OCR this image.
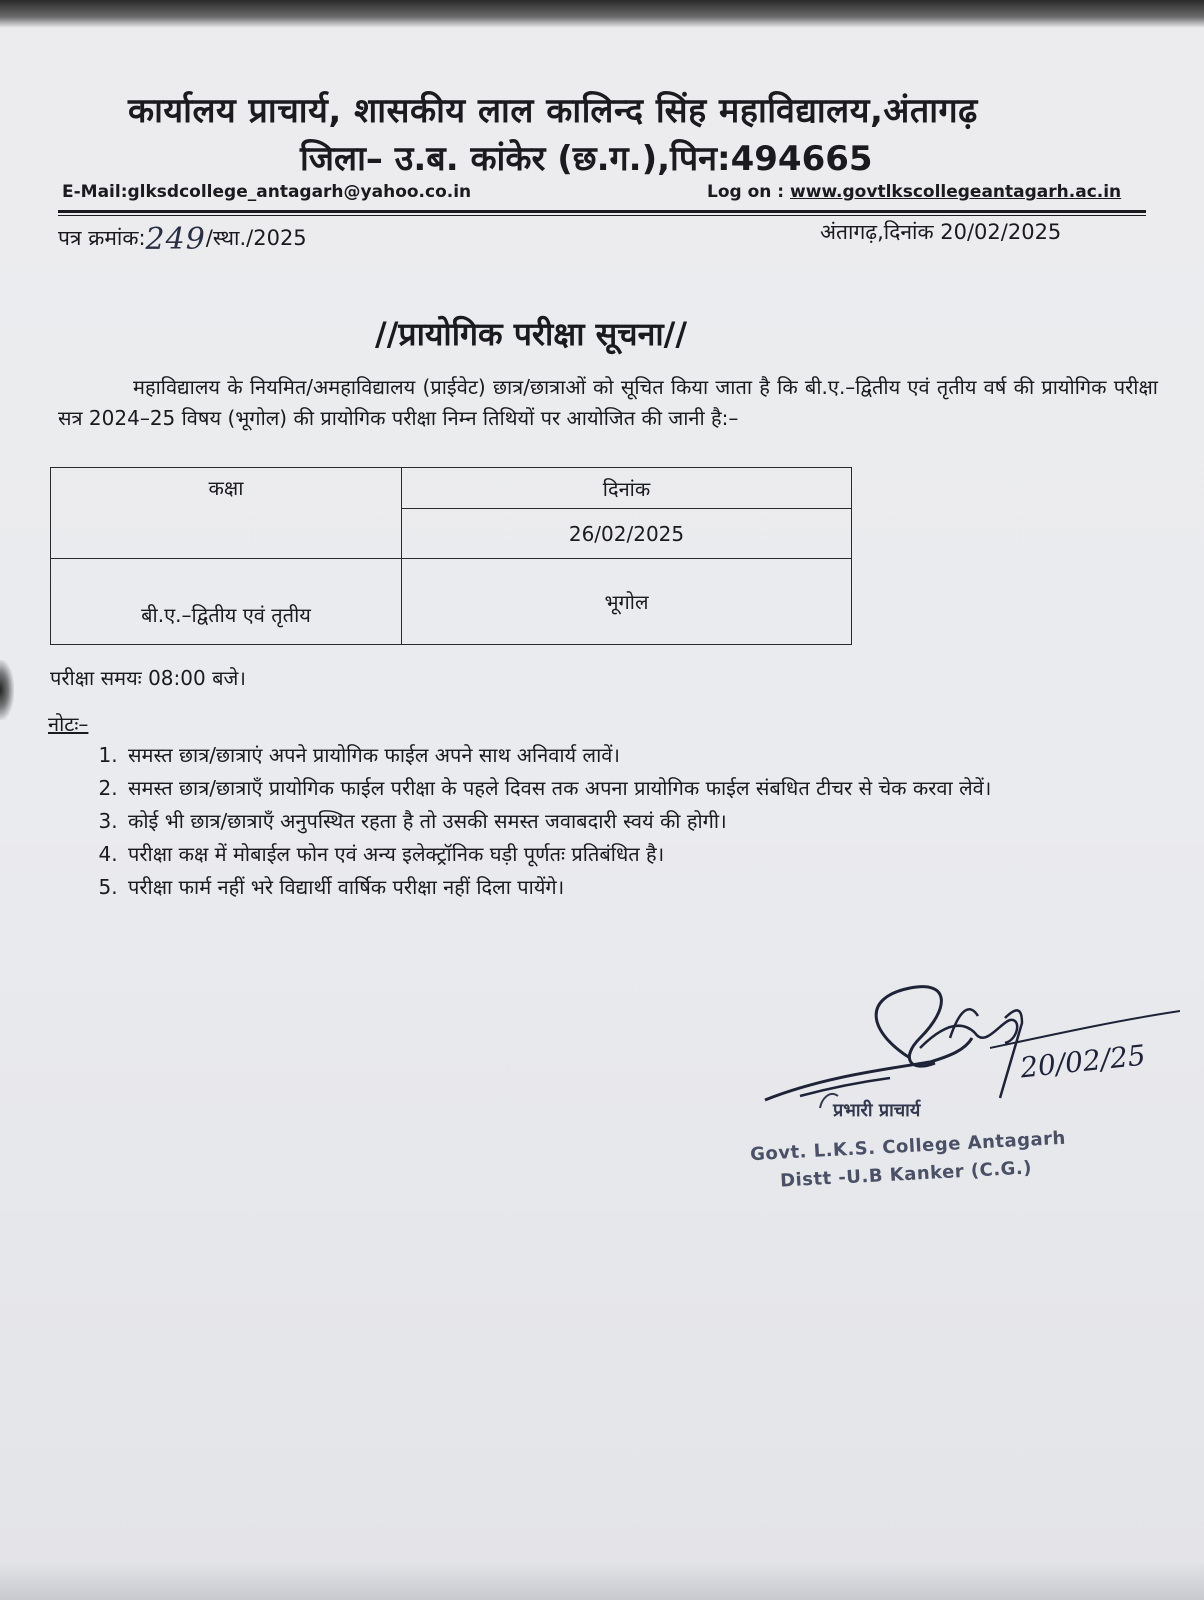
कार्यालय प्राचार्य, शासकीय लाल कालिन्द सिंह महाविद्यालय,अंतागढ़
जिला– उ.ब. कांकेर (छ.ग.),पिन:494665
E-Mail:glksdcollege_antagarh@yahoo.co.in	Log on : www.govtlkscollegeantagarh.ac.in
पत्र क्रमांक:249/स्था./2025	अंतागढ़,दिनांक 20/02/2025
//प्रायोगिक परीक्षा सूचना//
महाविद्यालय के नियमित/अमहाविद्यालय (प्राईवेट) छात्र/छात्राओं को सूचित किया जाता है कि बी.ए.–द्वितीय एवं तृतीय वर्ष की प्रायोगिक परीक्षा सत्र 2024–25 विषय (भूगोल) की प्रायोगिक परीक्षा निम्न तिथियों पर आयोजित की जानी है:–
कक्षा	दिनांक
	26/02/2025
बी.ए.–द्वितीय एवं तृतीय	भूगोल
परीक्षा समयः 08:00 बजे।
नोटः–
1. समस्त छात्र/छात्राएं अपने प्रायोगिक फाईल अपने साथ अनिवार्य लावें।
2. समस्त छात्र/छात्राएँ प्रायोगिक फाईल परीक्षा के पहले दिवस तक अपना प्रायोगिक फाईल संबधित टीचर से चेक करवा लेवें।
3. कोई भी छात्र/छात्राएँ अनुपस्थित रहता है तो उसकी समस्त जवाबदारी स्वयं की होगी।
4. परीक्षा कक्ष में मोबाईल फोन एवं अन्य इलेक्ट्रॉनिक घड़ी पूर्णतः प्रतिबंधित है।
5. परीक्षा फार्म नहीं भरे विद्यार्थी वार्षिक परीक्षा नहीं दिला पायेंगे।
20/02/25
प्रभारी प्राचार्य
Govt. L.K.S. College Antagarh
Distt -U.B Kanker (C.G.)
